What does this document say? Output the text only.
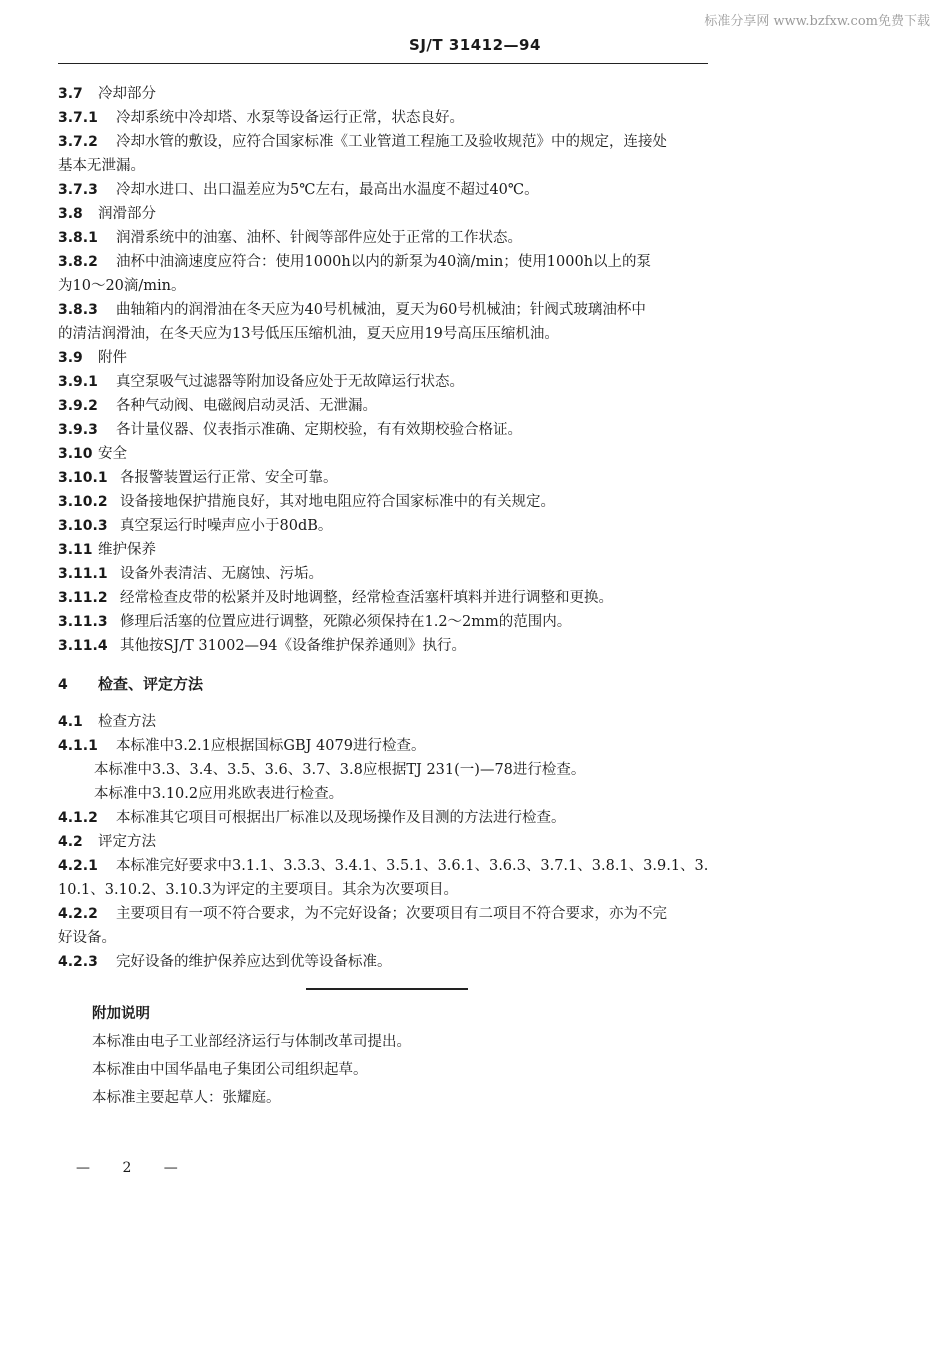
标准分享网 www.bzfxw.com免费下载
SJ/T 31412—94
3.7 冷却部分
3.7.1 冷却系统中冷却塔、水泵等设备运行正常，状态良好。
3.7.2 冷却水管的敷设，应符合国家标准《工业管道工程施工及验收规范》中的规定，连接处
基本无泄漏。
3.7.3 冷却水进口、出口温差应为5℃左右，最高出水温度不超过40℃。
3.8 润滑部分
3.8.1 润滑系统中的油塞、油杯、针阀等部件应处于正常的工作状态。
3.8.2 油杯中油滴速度应符合：使用1000h以内的新泵为40滴/min；使用1000h以上的泵
为10～20滴/min。
3.8.3 曲轴箱内的润滑油在冬天应为40号机械油，夏天为60号机械油；针阀式玻璃油杯中
的清洁润滑油，在冬天应为13号低压压缩机油，夏天应用19号高压压缩机油。
3.9 附件
3.9.1 真空泵吸气过滤器等附加设备应处于无故障运行状态。
3.9.2 各种气动阀、电磁阀启动灵活、无泄漏。
3.9.3 各计量仪器、仪表指示准确、定期校验，有有效期校验合格证。
3.10 安全
3.10.1 各报警装置运行正常、安全可靠。
3.10.2 设备接地保护措施良好，其对地电阻应符合国家标准中的有关规定。
3.10.3 真空泵运行时噪声应小于80dB。
3.11 维护保养
3.11.1 设备外表清洁、无腐蚀、污垢。
3.11.2 经常检查皮带的松紧并及时地调整，经常检查活塞杆填料并进行调整和更换。
3.11.3 修理后活塞的位置应进行调整，死隙必须保持在1.2～2mm的范围内。
3.11.4 其他按SJ/T 31002—94《设备维护保养通则》执行。
4 检查、评定方法
4.1 检查方法
4.1.1 本标准中3.2.1应根据国标GBJ 4079进行检查。
本标准中3.3、3.4、3.5、3.6、3.7、3.8应根据TJ 231(一)—78进行检查。
本标准中3.10.2应用兆欧表进行检查。
4.1.2 本标准其它项目可根据出厂标准以及现场操作及目测的方法进行检查。
4.2 评定方法
4.2.1 本标准完好要求中3.1.1、3.3.3、3.4.1、3.5.1、3.6.1、3.6.3、3.7.1、3.8.1、3.9.1、3.
10.1、3.10.2、3.10.3为评定的主要项目。其余为次要项目。
4.2.2 主要项目有一项不符合要求，为不完好设备；次要项目有二项目不符合要求，亦为不完
好设备。
4.2.3 完好设备的维护保养应达到优等设备标准。
附加说明
本标准由电子工业部经济运行与体制改革司提出。
本标准由中国华晶电子集团公司组织起草。
本标准主要起草人：张耀庭。
— 2 —
